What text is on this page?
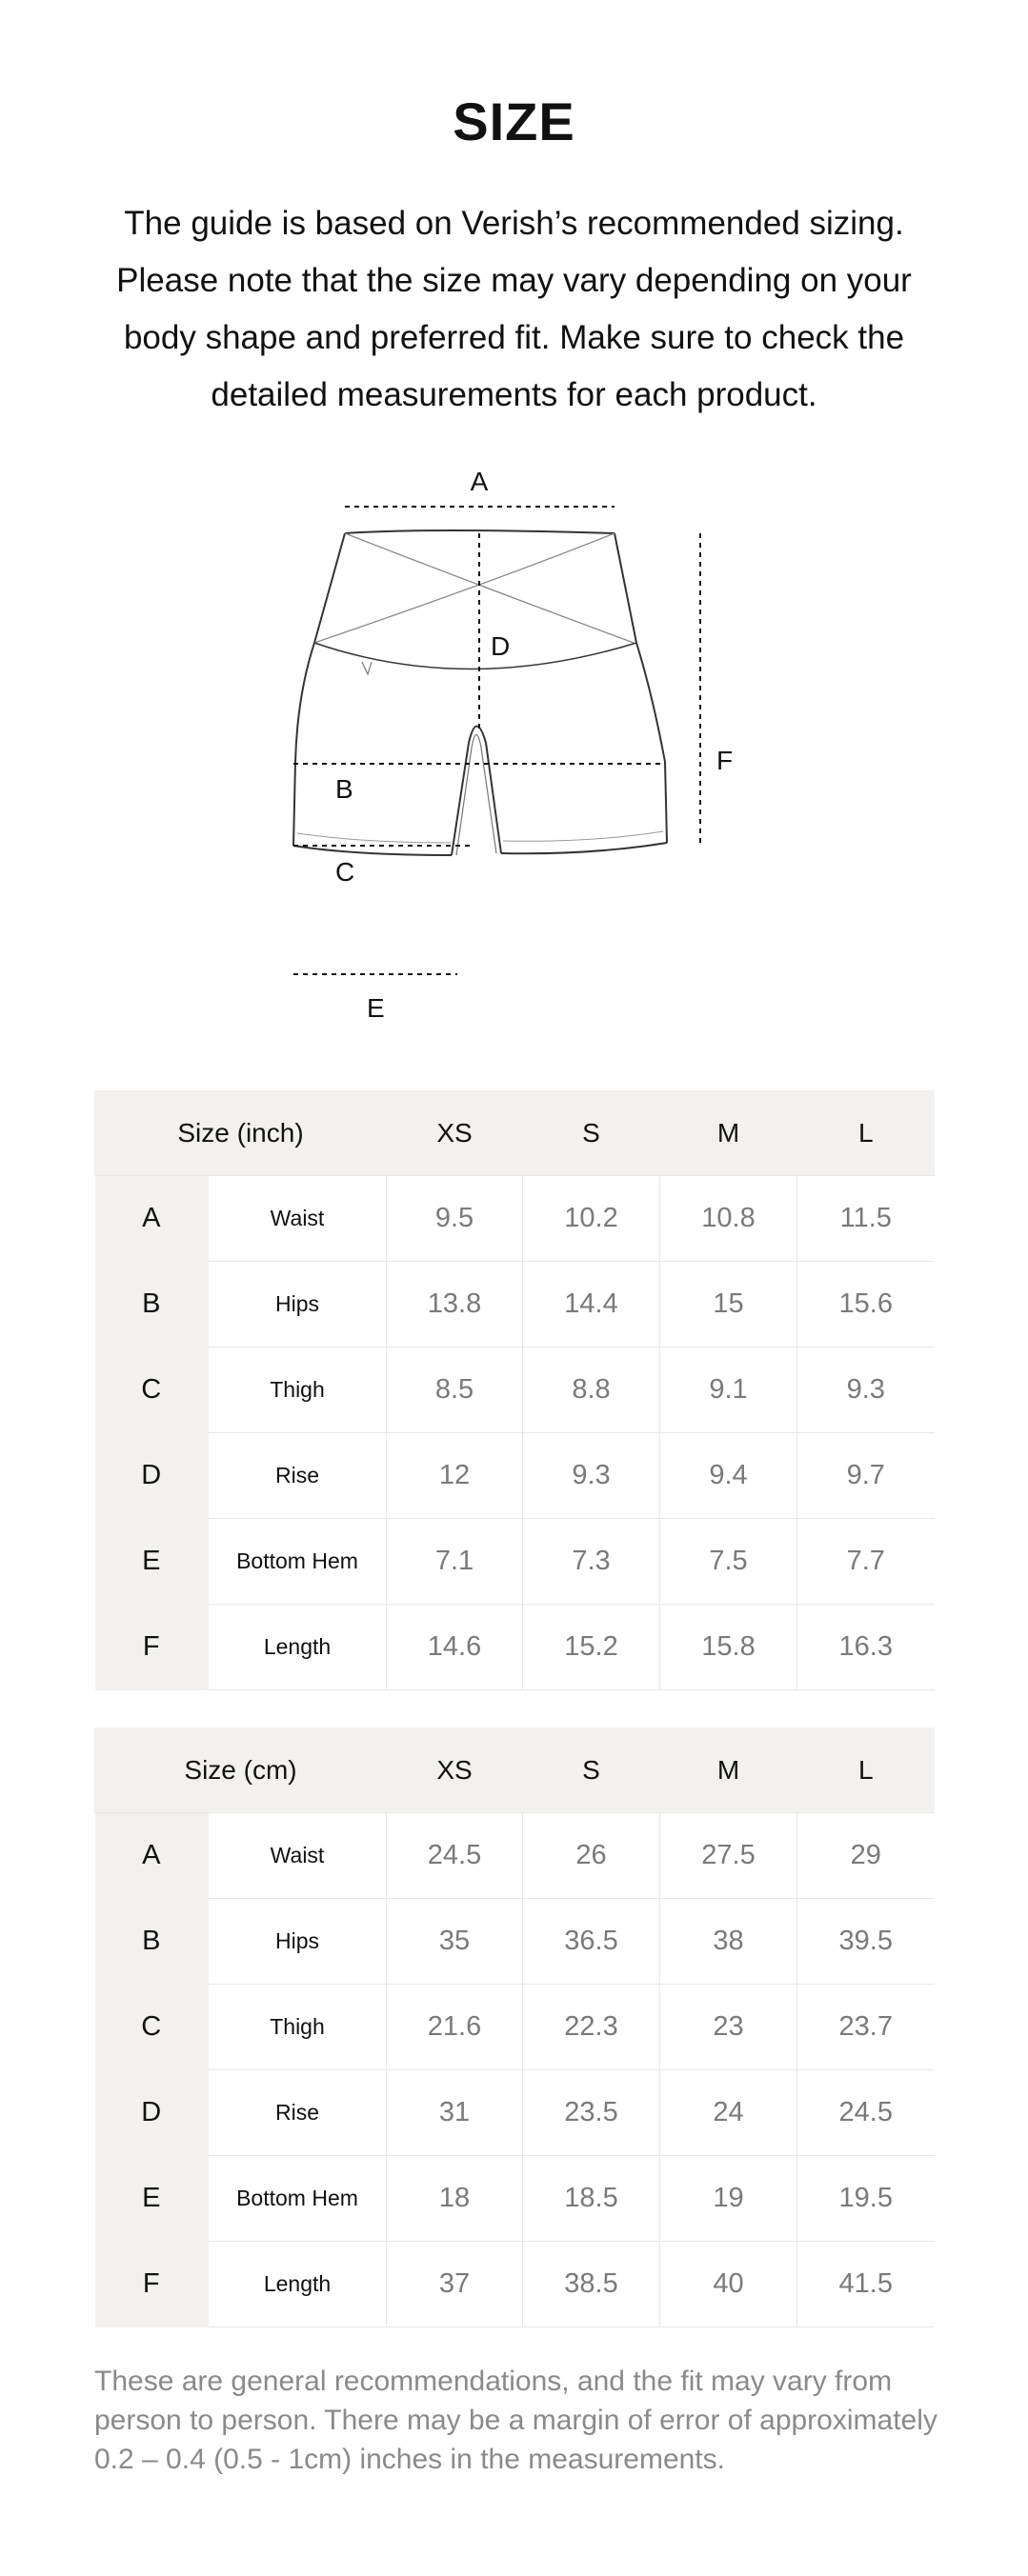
SIZE
The guide is based on Verish’s recommended sizing. Please note that the size may vary depending on your body shape and preferred fit. Make sure to check the detailed measurements for each product.
A
D
B
C
E
F
Size (inch)		XS	S	M	L
A	Waist	9.5	10.2	10.8	11.5
B	Hips	13.8	14.4	15	15.6
C	Thigh	8.5	8.8	9.1	9.3
D	Rise	12	9.3	9.4	9.7
E	Bottom Hem	7.1	7.3	7.5	7.7
F	Length	14.6	15.2	15.8	16.3
Size (cm)		XS	S	M	L
A	Waist	24.5	26	27.5	29
B	Hips	35	36.5	38	39.5
C	Thigh	21.6	22.3	23	23.7
D	Rise	31	23.5	24	24.5
E	Bottom Hem	18	18.5	19	19.5
F	Length	37	38.5	40	41.5
These are general recommendations, and the fit may vary from person to person. There may be a margin of error of approximately 0.2 – 0.4 (0.5 - 1cm) inches in the measurements.
